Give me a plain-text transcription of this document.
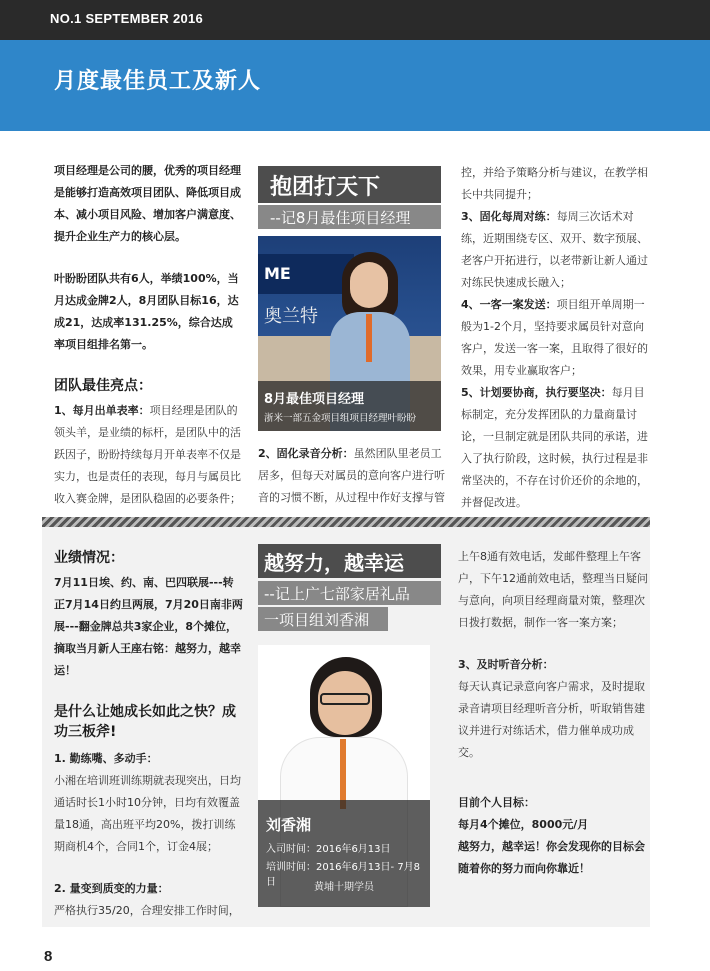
NO.1 SEPTEMBER 2016
月度最佳员工及新人
项目经理是公司的腰，优秀的项目经理是能够打造高效项目团队、降低项目成本、减小项目风险、增加客户满意度、提升企业生产力的核心层。
叶盼盼团队共有6人，举绩100%，当月达成金牌2人，8月团队目标16，达成21，达成率131.25%，综合达成率项目组排名第一。
团队最佳亮点：
1、每月出单表率：项目经理是团队的领头羊，是业绩的标杆，是团队中的活跃因子，盼盼持续每月开单表率不仅是实力，也是责任的表现，每月与属员比收入赛金牌，是团队稳固的必要条件；
抱团打天下
--记8月最佳项目经理
ME
奥兰特
8月最佳项目经理
浙米一部五金项目组项目经理叶盼盼
2、固化录音分析：虽然团队里老员工居多，但每天对属员的意向客户进行听音的习惯不断，从过程中作好支撑与管
控，并给予策略分析与建议，在教学相长中共同提升；
3、固化每周对练：每周三次话术对练，近期围绕专区、双开、数字预展、老客户开拓进行，以老带新让新人通过对练民快速成长融入；
4、一客一案发送：项目组开单周期一般为1-2个月，坚持要求属员针对意向客户，发送一客一案，且取得了很好的效果，用专业赢取客户；
5、计划要协商，执行要坚决：每月目标制定，充分发挥团队的力量商量讨论，一旦制定就是团队共同的承诺，进入了执行阶段，这时候，执行过程是非常坚决的，不存在讨价还价的余地的，并督促改进。
业绩情况：
7月11日埃、约、南、巴四联展---转正7月14日约旦两展，7月20日南非两展---翻金牌总共3家企业，8个摊位，摘取当月新人王座右铭：越努力，越幸运！
是什么让她成长如此之快？成功三板斧!
1. 勤练嘴、多动手：
小湘在培训班训练期就表现突出，日均通话时长1小时10分钟，日均有效覆盖量18通，高出班平均20%，拨打训练期商机4个，合同1个，订金4展；
2. 量变到质变的力量：
严格执行35/20，合理安排工作时间，
越努力，越幸运
--记上广七部家居礼品
一项目组刘香湘
刘香湘
入司时间：2016年6月13日
培训时间：2016年6月13日- 7月8日	黄埔十期学员
上午8通有效电话，发邮件整理上午客户，下午12通前效电话，整理当日疑问与意向，向项目经理商量对策，整理次日拨打数据，制作一客一案方案；
3、及时听音分析：
每天认真记录意向客户需求，及时提取录音请项目经理听音分析，听取销售建议并进行对练话术，借力催单成功成交。
目前个人目标：
每月4个摊位，8000元/月
越努力，越幸运！你会发现你的目标会随着你的努力而向你靠近！
8
